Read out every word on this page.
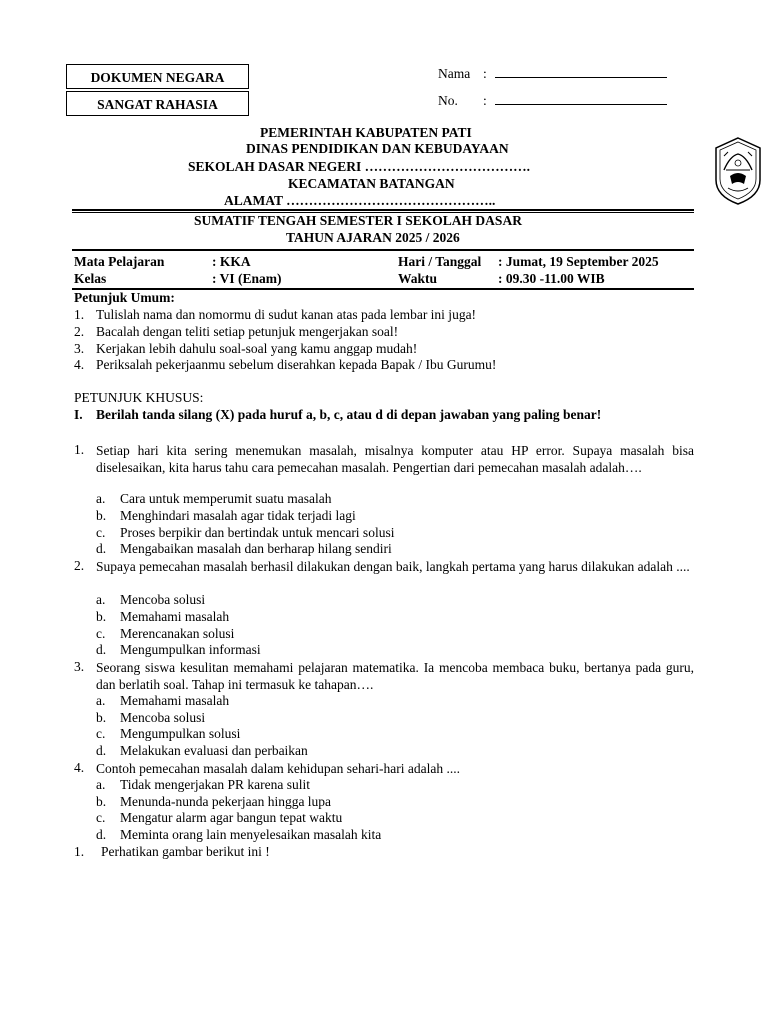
DOKUMEN NEGARA
SANGAT RAHASIA
Nama :
No. :
PEMERINTAH KABUPATEN PATI
DINAS PENDIDIKAN DAN KEBUDAYAAN
SEKOLAH DASAR NEGERI ……………………………….
KECAMATAN BATANGAN
ALAMAT ………………………………………..
SUMATIF TENGAH SEMESTER I SEKOLAH DASAR
TAHUN AJARAN 2025 / 2026
Mata Pelajaran	: KKA	Hari / Tanggal : Jumat, 19 September 2025
Kelas	: VI (Enam)	Waktu	: 09.30 -11.00 WIB
Petunjuk Umum:
1. Tulislah nama dan nomormu di sudut kanan atas pada lembar ini juga!
2. Bacalah dengan teliti setiap petunjuk mengerjakan soal!
3. Kerjakan lebih dahulu soal-soal yang kamu anggap mudah!
4. Periksalah pekerjaanmu sebelum diserahkan kepada Bapak / Ibu Gurumu!
PETUNJUK KHUSUS:
I. Berilah tanda silang (X) pada huruf a, b, c, atau d di depan jawaban yang paling benar!
1. Setiap hari kita sering menemukan masalah, misalnya komputer atau HP error. Supaya masalah bisa diselesaikan, kita harus tahu cara pemecahan masalah. Pengertian dari pemecahan masalah adalah….
a. Cara untuk memperumit suatu masalah
b. Menghindari masalah agar tidak terjadi lagi
c. Proses berpikir dan bertindak untuk mencari solusi
d. Mengabaikan masalah dan berharap hilang sendiri
2. Supaya pemecahan masalah berhasil dilakukan dengan baik, langkah pertama yang harus dilakukan adalah ....
a. Mencoba solusi
b. Memahami masalah
c. Merencanakan solusi
d. Mengumpulkan informasi
3. Seorang siswa kesulitan memahami pelajaran matematika. Ia mencoba membaca buku, bertanya pada guru, dan berlatih soal. Tahap ini termasuk ke tahapan….
a. Memahami masalah
b. Mencoba solusi
c. Mengumpulkan solusi
d. Melakukan evaluasi dan perbaikan
4. Contoh pemecahan masalah dalam kehidupan sehari-hari adalah ....
a. Tidak mengerjakan PR karena sulit
b. Menunda-nunda pekerjaan hingga lupa
c. Mengatur alarm agar bangun tepat waktu
d. Meminta orang lain menyelesaikan masalah kita
1. Perhatikan gambar berikut ini !
